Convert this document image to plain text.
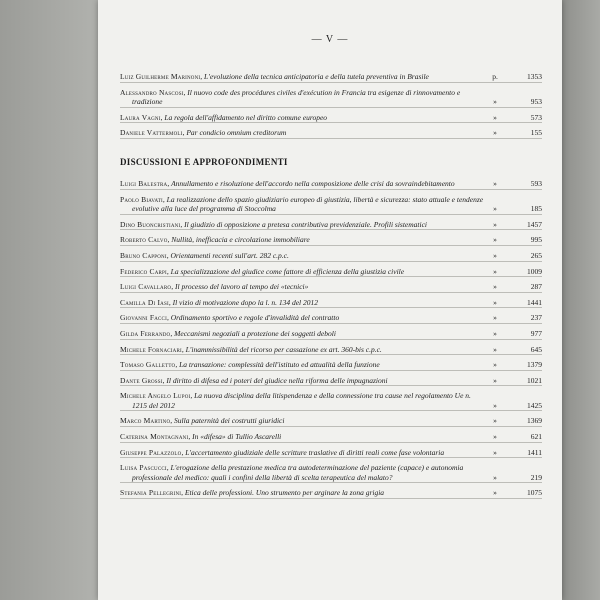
— V —
Luiz Guilherme Marinoni, L'evoluzione della tecnica anticipatoria e della tutela preventiva in Brasile	p.	1353
Alessandro Nascosi, Il nuovo code des procédures civiles d'exécution in Francia tra esigenze di rinnovamento e tradizione	»	953
Laura Vagni, La regola dell'affidamento nel diritto comune europeo	»	573
Daniele Vattermoli, Par condicio omnium creditorum	»	155
DISCUSSIONI E APPROFONDIMENTI
Luigi Balestra, Annullamento e risoluzione dell'accordo nella composizione delle crisi da sovraindebitamento	»	593
Paolo Biavati, La realizzazione dello spazio giudiziario europeo di giustizia, libertà e sicurezza: stato attuale e tendenze evolutive alla luce del programma di Stoccolma	»	185
Dino Buoncristiani, Il giudizio di opposizione a pretesa contributiva previdenziale. Profili sistematici	»	1457
Roberto Calvo, Nullità, inefficacia e circolazione immobiliare	»	995
Bruno Capponi, Orientamenti recenti sull'art. 282 c.p.c.	»	265
Federico Carpi, La specializzazione del giudice come fattore di efficienza della giustizia civile	»	1009
Luigi Cavallaro, Il processo del lavoro al tempo dei «tecnici»	»	287
Camilla Di Iasi, Il vizio di motivazione dopo la l. n. 134 del 2012	»	1441
Giovanni Facci, Ordinamento sportivo e regole d'invalidità del contratto	»	237
Gilda Ferrando, Meccanismi negoziali a protezione dei soggetti deboli	»	977
Michele Fornaciari, L'inammissibilità del ricorso per cassazione ex art. 360-bis c.p.c.	»	645
Tomaso Galletto, La transazione: complessità dell'istituto ed attualità della funzione	»	1379
Dante Grossi, Il diritto di difesa ed i poteri del giudice nella riforma delle impugnazioni	»	1021
Michele Angelo Lupoi, La nuova disciplina della litispendenza e della connessione tra cause nel regolamento Ue n. 1215 del 2012	»	1425
Marco Martino, Sulla paternità dei costrutti giuridici	»	1369
Caterina Montagnani, In «difesa» di Tullio Ascarelli	»	621
Giuseppe Palazzolo, L'accertamento giudiziale delle scritture traslative di diritti reali come fase volontaria	»	1411
Luisa Pascucci, L'erogazione della prestazione medica tra autodeterminazione del paziente (capace) e autonomia professionale del medico: quali i confini della libertà di scelta terapeutica del malato?	»	219
Stefania Pellegrini, Etica delle professioni. Uno strumento per arginare la zona grigia	»	1075
